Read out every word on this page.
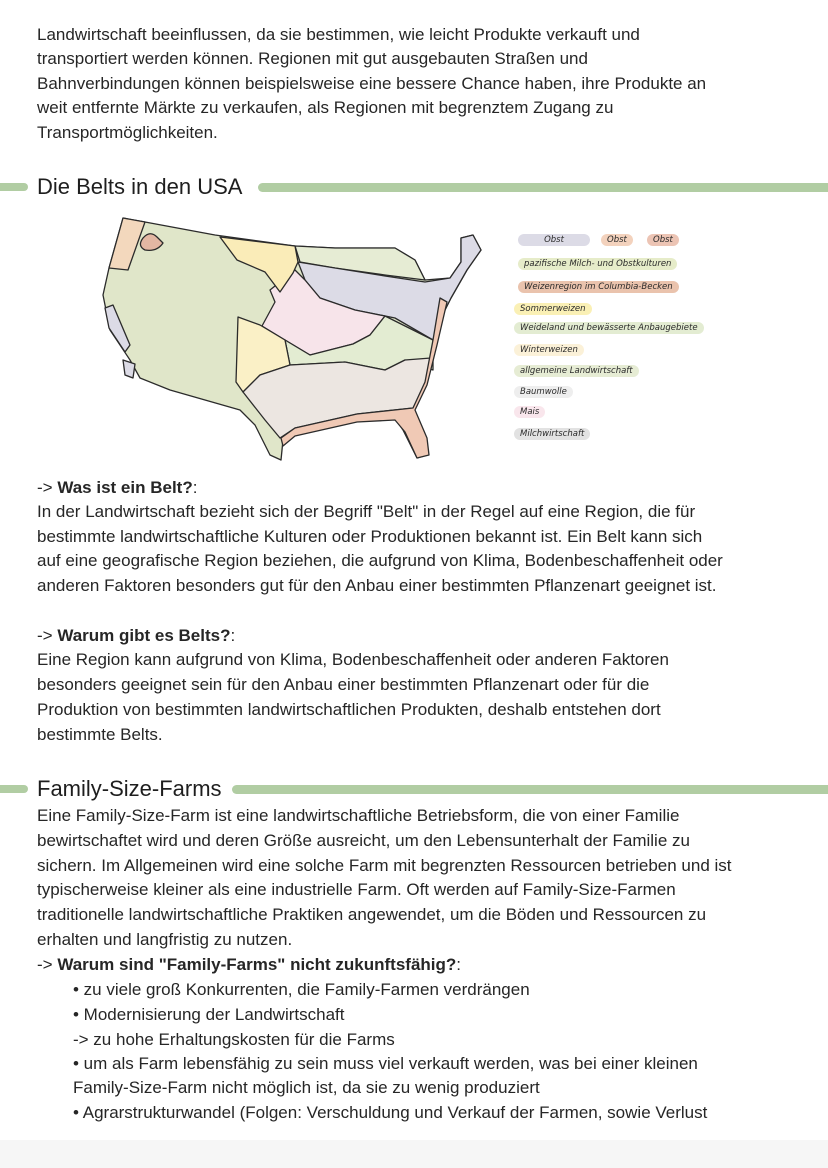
Landwirtschaft beeinflussen, da sie bestimmen, wie leicht Produkte verkauft und
transportiert werden können. Regionen mit gut ausgebauten Straßen und
Bahnverbindungen können beispielsweise eine bessere Chance haben, ihre Produkte an
weit entfernte Märkte zu verkaufen, als Regionen mit begrenztem Zugang zu
Transportmöglichkeiten.
Die Belts in den USA
Obst	Obst	Obst
pazifische Milch- und Obstkulturen
Weizenregion im Columbia-Becken
Sommerweizen
Weideland und bewässerte Anbaugebiete
Winterweizen
allgemeine Landwirtschaft
Baumwolle
Mais
Milchwirtschaft
-> Was ist ein Belt?:
In der Landwirtschaft bezieht sich der Begriff "Belt" in der Regel auf eine Region, die für
bestimmte landwirtschaftliche Kulturen oder Produktionen bekannt ist. Ein Belt kann sich
auf eine geografische Region beziehen, die aufgrund von Klima, Bodenbeschaffenheit oder
anderen Faktoren besonders gut für den Anbau einer bestimmten Pflanzenart geeignet ist.
-> Warum gibt es Belts?:
Eine Region kann aufgrund von Klima, Bodenbeschaffenheit oder anderen Faktoren
besonders geeignet sein für den Anbau einer bestimmten Pflanzenart oder für die
Produktion von bestimmten landwirtschaftlichen Produkten, deshalb entstehen dort
bestimmte Belts.
Family-Size-Farms
Eine Family-Size-Farm ist eine landwirtschaftliche Betriebsform, die von einer Familie
bewirtschaftet wird und deren Größe ausreicht, um den Lebensunterhalt der Familie zu
sichern. Im Allgemeinen wird eine solche Farm mit begrenzten Ressourcen betrieben und ist
typischerweise kleiner als eine industrielle Farm. Oft werden auf Family-Size-Farmen
traditionelle landwirtschaftliche Praktiken angewendet, um die Böden und Ressourcen zu
erhalten und langfristig zu nutzen.
-> Warum sind "Family-Farms" nicht zukunftsfähig?:
• zu viele groß Konkurrenten, die Family-Farmen verdrängen
• Modernisierung der Landwirtschaft
-> zu hohe Erhaltungskosten für die Farms
• um als Farm lebensfähig zu sein muss viel verkauft werden, was bei einer kleinen
Family-Size-Farm nicht möglich ist, da sie zu wenig produziert
• Agrarstrukturwandel (Folgen: Verschuldung und Verkauf der Farmen, sowie Verlust
